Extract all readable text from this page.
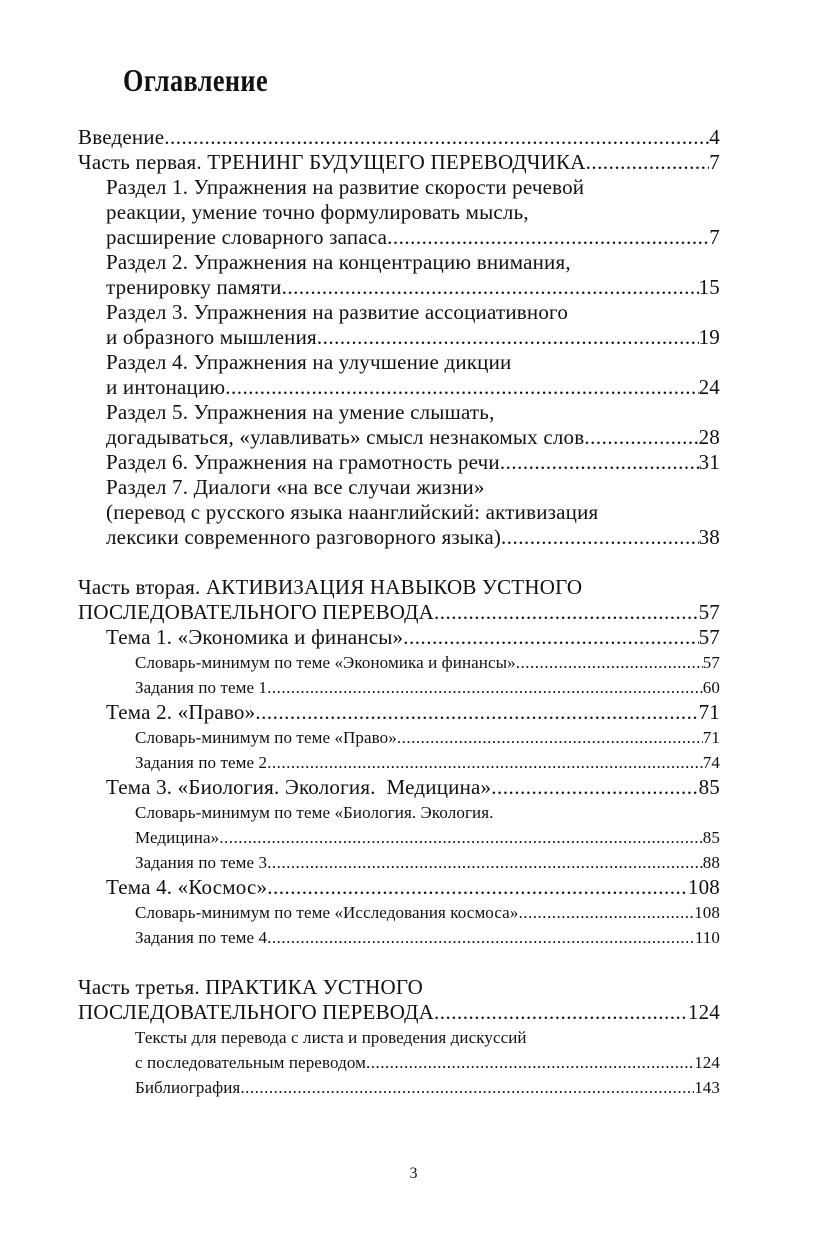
Оглавление
Введение .....	4
Часть первая. ТРЕНИНГ БУДУЩЕГО ПЕРЕВОДЧИКА .....	7
Раздел 1. Упражнения на развитие скорости речевой
реакции, умение точно формулировать мысль,
расширение словарного запаса .....	7
Раздел 2. Упражнения на концентрацию внимания,
тренировку памяти .....	15
Раздел 3. Упражнения на развитие ассоциативного
и образного мышления .....	19
Раздел 4. Упражнения на улучшение дикции
и интонацию .....	24
Раздел 5. Упражнения на умение слышать,
догадываться, «улавливать» смысл незнакомых слов .....	28
Раздел 6. Упражнения на грамотность речи .....	31
Раздел 7. Диалоги «на все случаи жизни»
(перевод с русского языка наанглийский: активизация
лексики современного разговорного языка) .....	38
Часть вторая. АКТИВИЗАЦИЯ НАВЫКОВ УСТНОГО
ПОСЛЕДОВАТЕЛЬНОГО ПЕРЕВОДА .....	57
Тема 1. «Экономика и финансы» .....	57
Словарь-минимум по теме «Экономика и финансы» .....	57
Задания по теме 1 .....	60
Тема 2. «Право» .....	71
Словарь-минимум по теме «Право» .....	71
Задания по теме 2 .....	74
Тема 3. «Биология. Экология.  Медицина» .....	85
Словарь-минимум по теме «Биология. Экология.
Медицина» .....	85
Задания по теме 3 .....	88
Тема 4. «Космос» .....	108
Словарь-минимум по теме «Исследования космоса» .....	108
Задания по теме 4 .....	110
Часть третья. ПРАКТИКА УСТНОГО
ПОСЛЕДОВАТЕЛЬНОГО ПЕРЕВОДА .....	124
Тексты для перевода с листа и проведения дискуссий
с последовательным переводом .....	124
Библиография .....	143
3
